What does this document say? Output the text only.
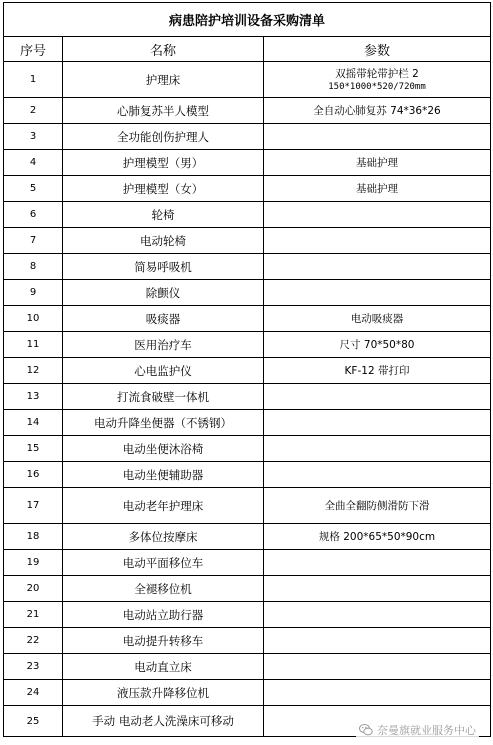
病患陪护培训设备采购清单		
序号	名称	参数
1	护理床	双摇带轮带护栏 2
150*1000*520/720mm

2	心肺复苏半人模型	全自动心肺复苏 74*36*26
3	全功能创伤护理人	
4	护理模型（男）	基础护理
5	护理模型（女）	基础护理
6	轮椅	
7	电动轮椅	
8	简易呼吸机	
9	除颤仪	
10	吸痰器	电动吸痰器
11	医用治疗车	尺寸 70*50*80
12	心电监护仪	KF-12 带打印
13	打流食破壁一体机	
14	电动升降坐便器（不锈钢）	
15	电动坐便沐浴椅	
16	电动坐便辅助器	
17	电动老年护理床	全曲全翻防侧滑防下滑
18	多体位按摩床	规格 200*65*50*90cm
19	电动平面移位车	
20	全褪移位机	
21	电动站立助行器	
22	电动提升转移车	
23	电动直立床	
24	液压款升降移位机	
25	手动 电动老人洗澡床可移动	
奈曼旗就业服务中心
